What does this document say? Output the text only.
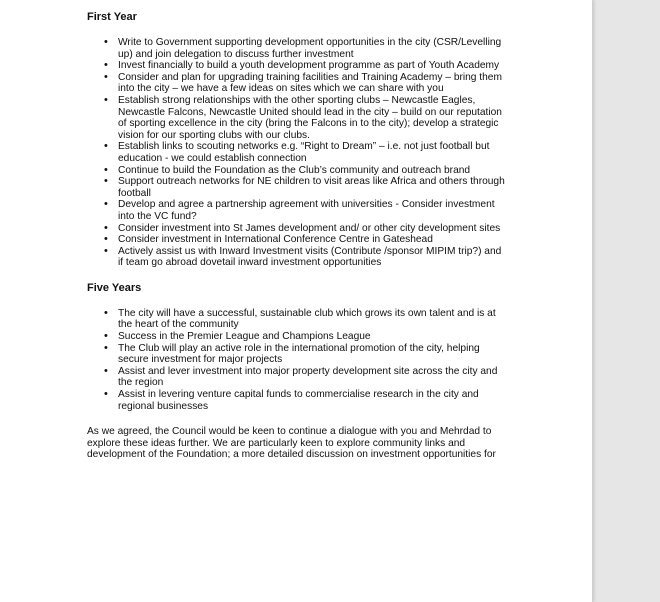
First Year
• Write to Government supporting development opportunities in the city (CSR/Levelling up) and join delegation to discuss further investment
• Invest financially to build a youth development programme as part of Youth Academy
• Consider and plan for upgrading training facilities and Training Academy – bring them into the city – we have a few ideas on sites which we can share with you
• Establish strong relationships with the other sporting clubs – Newcastle Eagles, Newcastle Falcons, Newcastle United should lead in the city – build on our reputation of sporting excellence in the city (bring the Falcons in to the city); develop a strategic vision for our sporting clubs with our clubs.
• Establish links to scouting networks e.g. “Right to Dream” – i.e. not just football but education - we could establish connection
• Continue to build the Foundation as the Club’s community and outreach brand
• Support outreach networks for NE children to visit areas like Africa and others through football
• Develop and agree a partnership agreement with universities - Consider investment into the VC fund?
• Consider investment into St James development and/ or other city development sites
• Consider investment in International Conference Centre in Gateshead
• Actively assist us with Inward Investment visits (Contribute /sponsor MIPIM trip?) and if team go abroad dovetail inward investment opportunities
Five Years
• The city will have a successful, sustainable club which grows its own talent and is at the heart of the community
• Success in the Premier League and Champions League
• The Club will play an active role in the international promotion of the city, helping secure investment for major projects
• Assist and lever investment into major property development site across the city and the region
• Assist in levering venture capital funds to commercialise research in the city and regional businesses

As we agreed, the Council would be keen to continue a dialogue with you and Mehrdad to explore these ideas further. We are particularly keen to explore community links and development of the Foundation; a more detailed discussion on investment opportunities for
